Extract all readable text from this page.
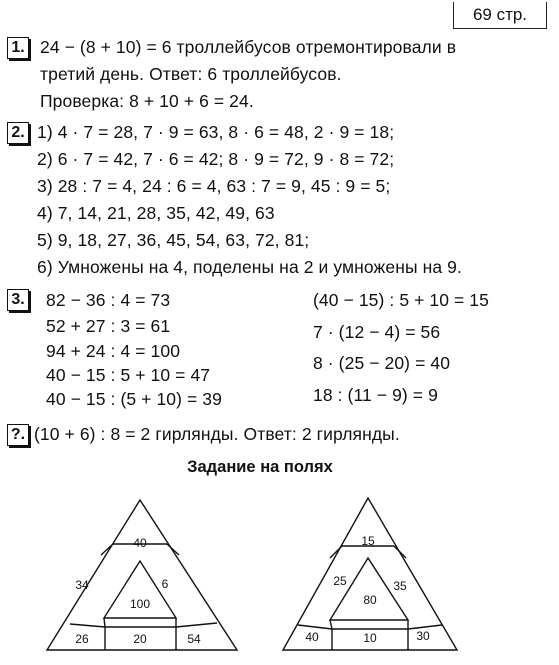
69 стр.
1. 24 − (8 + 10) = 6 троллейбусов отремонтировали в
третий день. Ответ: 6 троллейбусов.
Проверка: 8 + 10 + 6 = 24.
2. 1) 4 · 7 = 28, 7 · 9 = 63, 8 · 6 = 48, 2 · 9 = 18;
2) 6 · 7 = 42, 7 · 6 = 42; 8 · 9 = 72, 9 · 8 = 72;
3) 28 : 7 = 4, 24 : 6 = 4, 63 : 7 = 9, 45 : 9 = 5;
4) 7, 14, 21, 28, 35, 42, 49, 63
5) 9, 18, 27, 36, 45, 54, 63, 72, 81;
6) Умножены на 4, поделены на 2 и умножены на 9.
3. 82 − 36 : 4 = 73
52 + 27 : 3 = 61
94 + 24 : 4 = 100
40 − 15 : 5 + 10 = 47
40 − 15 : (5 + 10) = 39
(40 − 15) : 5 + 10 = 15
7 · (12 − 4) = 56
8 · (25 − 20) = 40
18 : (11 − 9) = 9
?. (10 + 6) : 8 = 2 гирлянды. Ответ: 2 гирлянды.
Задание на полях
40
34	6
100
26	20	54
15
25	35
80
40	10	30
